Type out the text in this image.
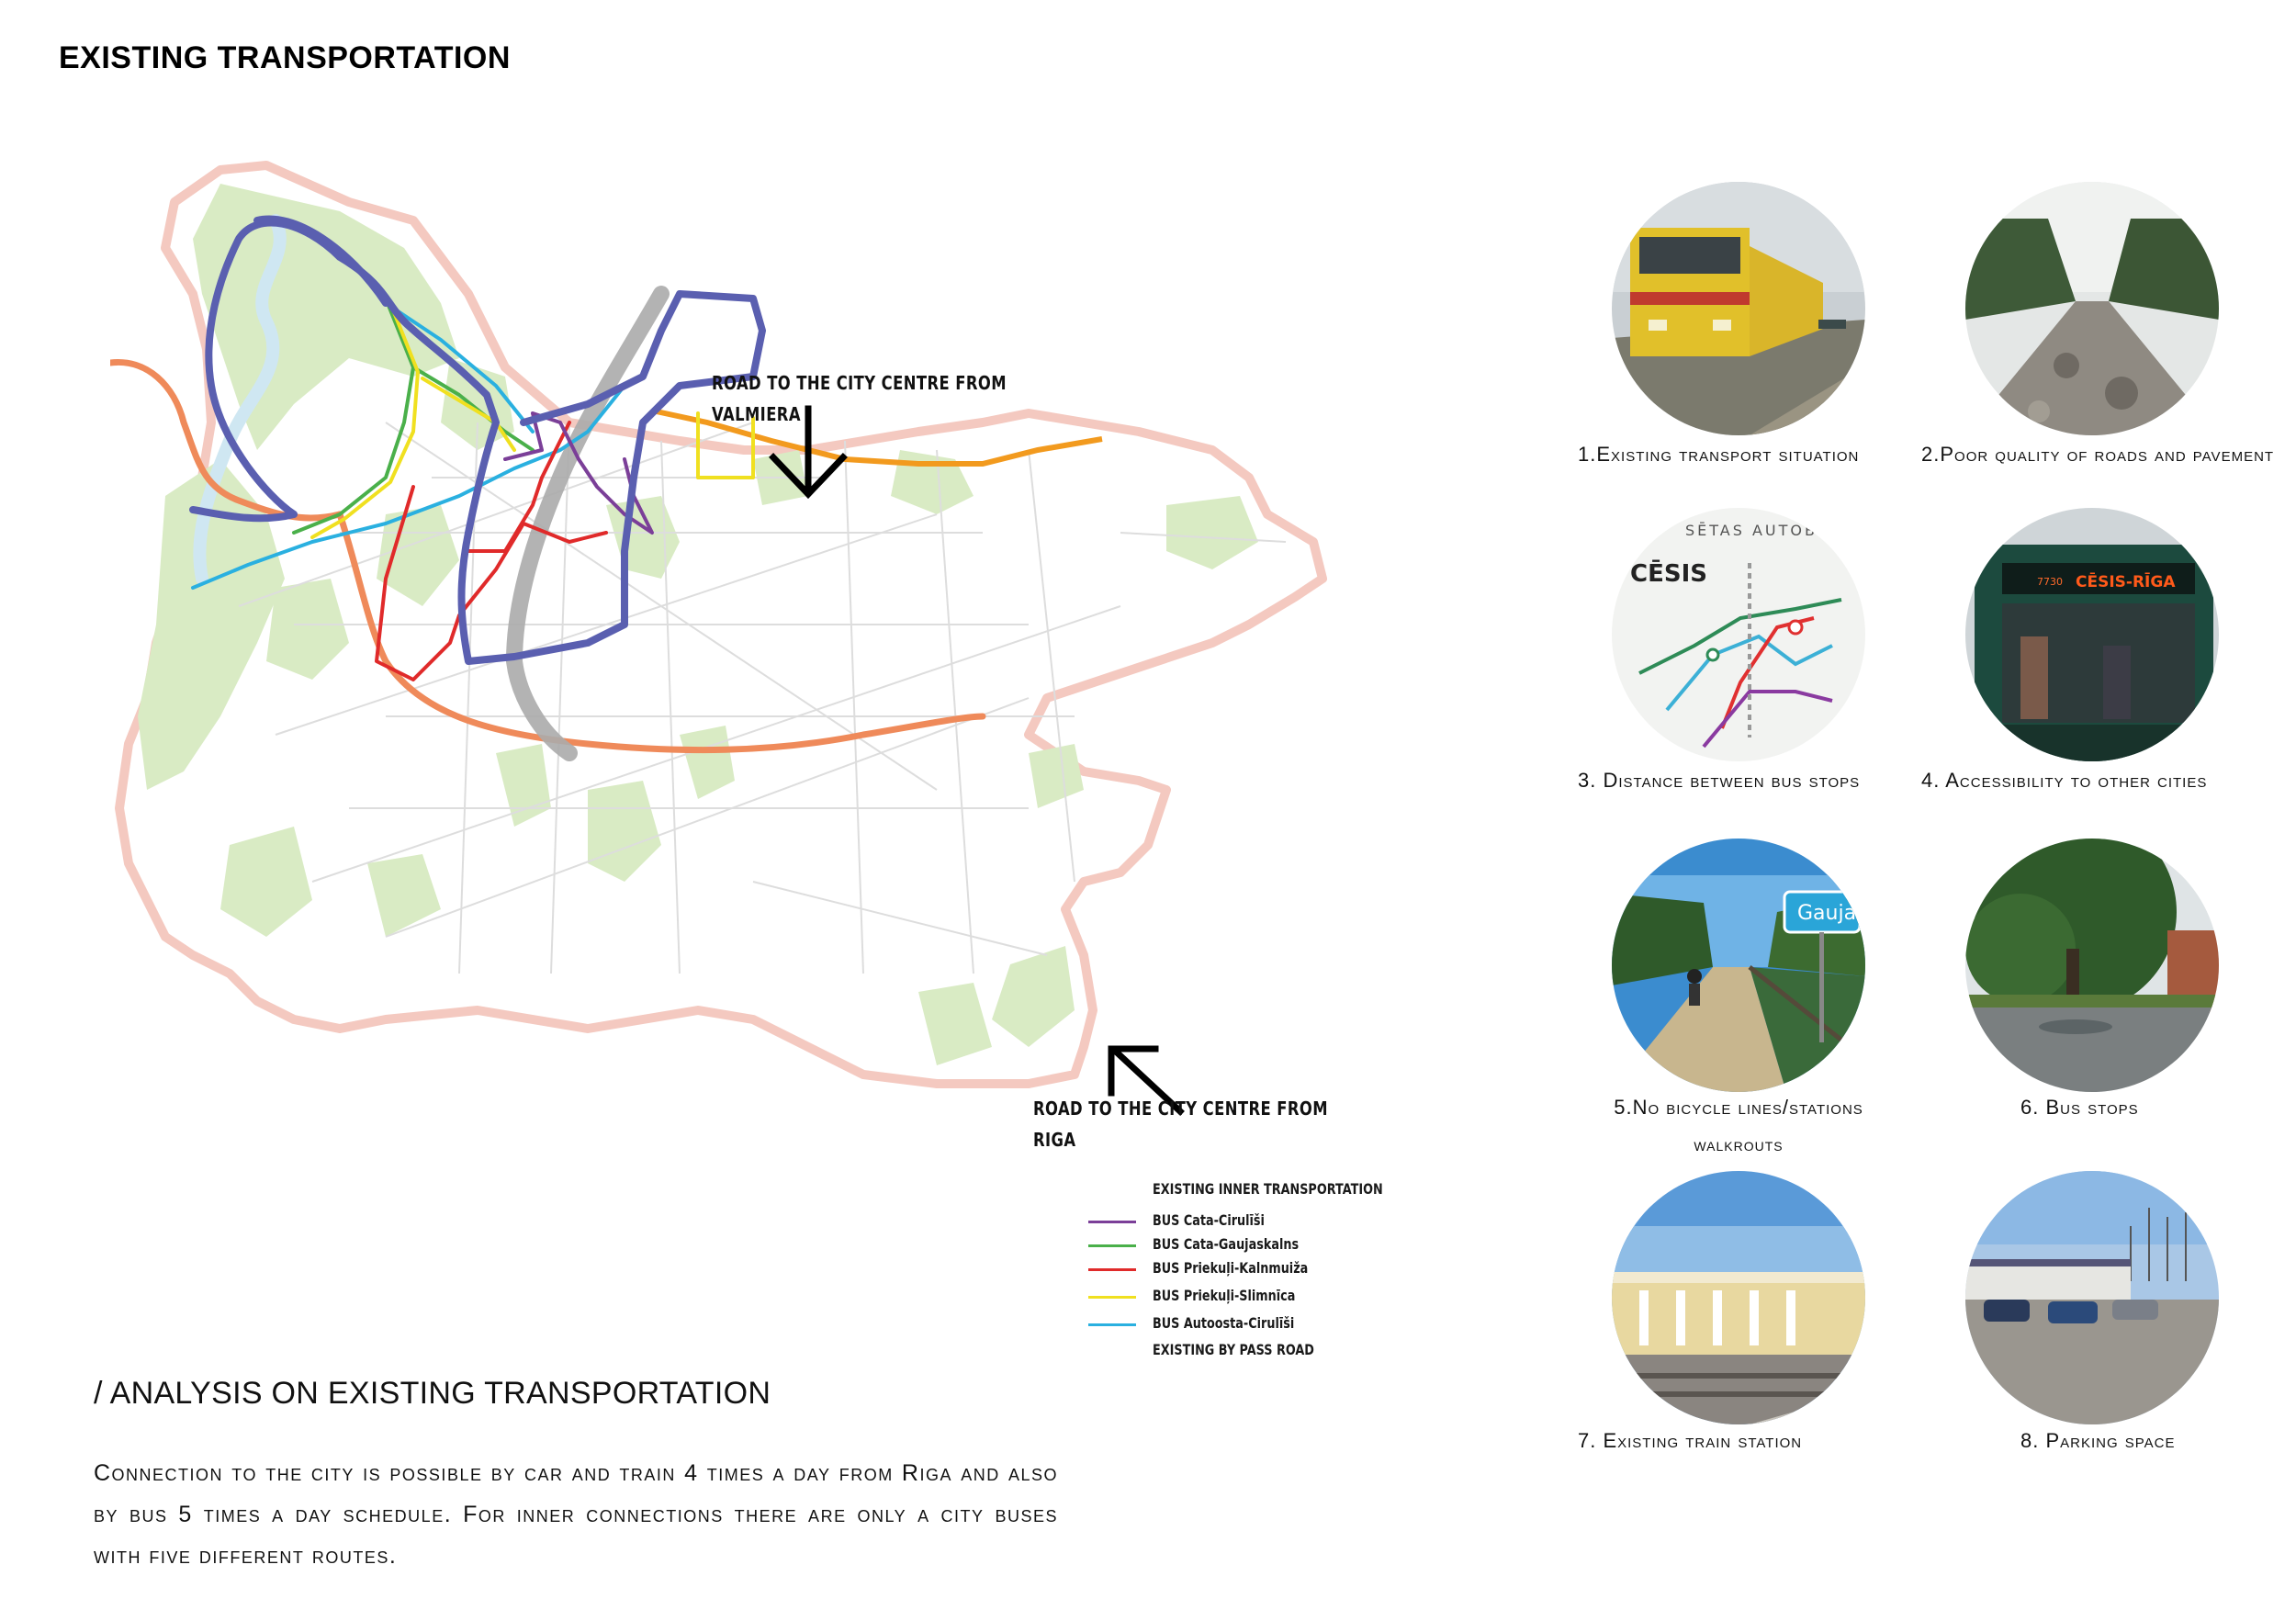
EXISTING TRANSPORTATION
ROAD TO THE CITY CENTRE FROM
VALMIERA
ROAD TO THE CITY CENTRE FROM
RIGA
EXISTING INNER TRANSPORTATION
BUS Cata-Cirulīši
BUS Cata-Gaujaskalns
BUS Priekuļi-Kalnmuiža
BUS Priekuļi-Slimnīca
BUS Autoosta-Cirulīši
EXISTING BY PASS ROAD
/ ANALYSIS ON EXISTING TRANSPORTATION
Connection to the city is possible by car and train 4 times a day from Riga and also by bus 5 times a day schedule. For inner connections there are only a city buses with five different routes.
1.Existing transport situation	2.Poor quality of roads and pavement
SĒTAS AUTOB
CĒSIS
3. Distance between bus stops
7730 CĒSIS-RĪGA
4. Accessibility to other cities
Gauja
5.No bicycle lines/stations
walkrouts
6. Bus stops
7. Existing train station	8. Parking space
